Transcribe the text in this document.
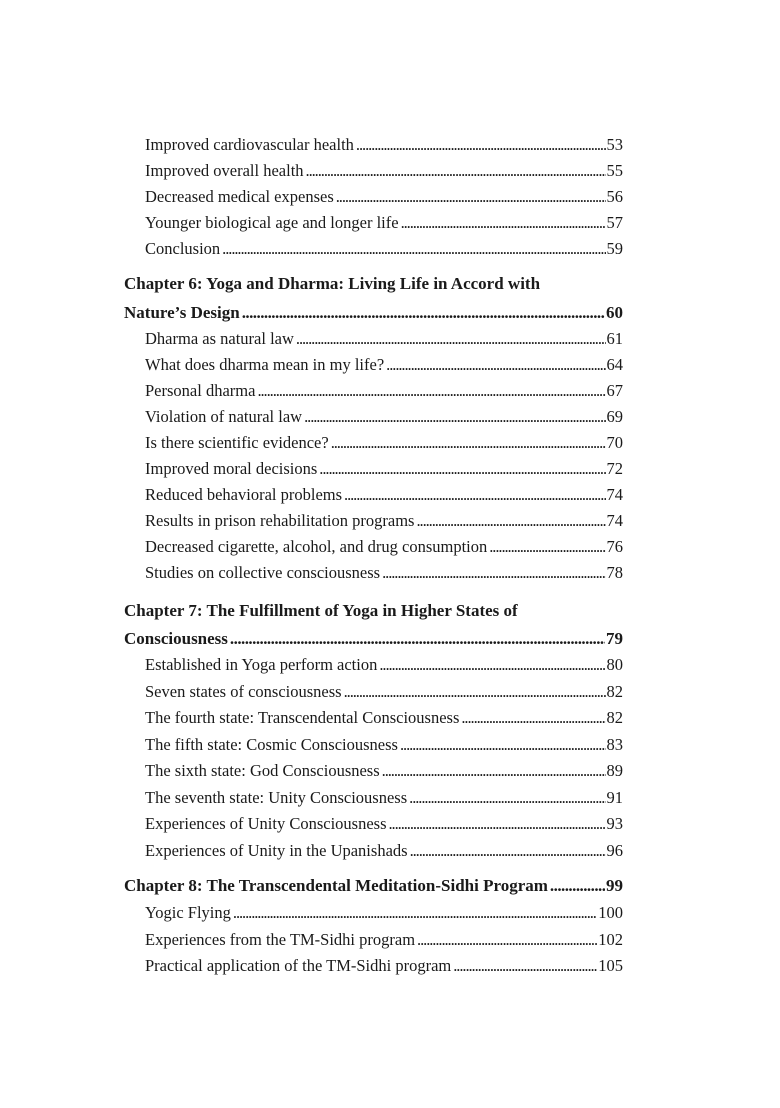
Improved cardiovascular health . . .	53
Improved overall health . . .	55
Decreased medical expenses . . .	56
Younger biological age and longer life . . .	57
Conclusion . . .	59
Chapter 6: Yoga and Dharma: Living Life in Accord with
Nature’s Design . . .	60
Dharma as natural law . . .	61
What does dharma mean in my life? . . .	64
Personal dharma . . .	67
Violation of natural law . . .	69
Is there scientific evidence? . . .	70
Improved moral decisions . . .	72
Reduced behavioral problems . . .	74
Results in prison rehabilitation programs . . .	74
Decreased cigarette, alcohol, and drug consumption . . .	76
Studies on collective consciousness . . .	78
Chapter 7: The Fulfillment of Yoga in Higher States of
Consciousness . . .	79
Established in Yoga perform action . . .	80
Seven states of consciousness . . .	82
The fourth state: Transcendental Consciousness . . .	82
The fifth state: Cosmic Consciousness . . .	83
The sixth state: God Consciousness . . .	89
The seventh state: Unity Consciousness . . .	91
Experiences of Unity Consciousness . . .	93
Experiences of Unity in the Upanishads . . .	96
Chapter 8: The Transcendental Meditation-Sidhi Program . . .	99
Yogic Flying . . .	100
Experiences from the TM-Sidhi program . . .	102
Practical application of the TM-Sidhi program . . .	105
